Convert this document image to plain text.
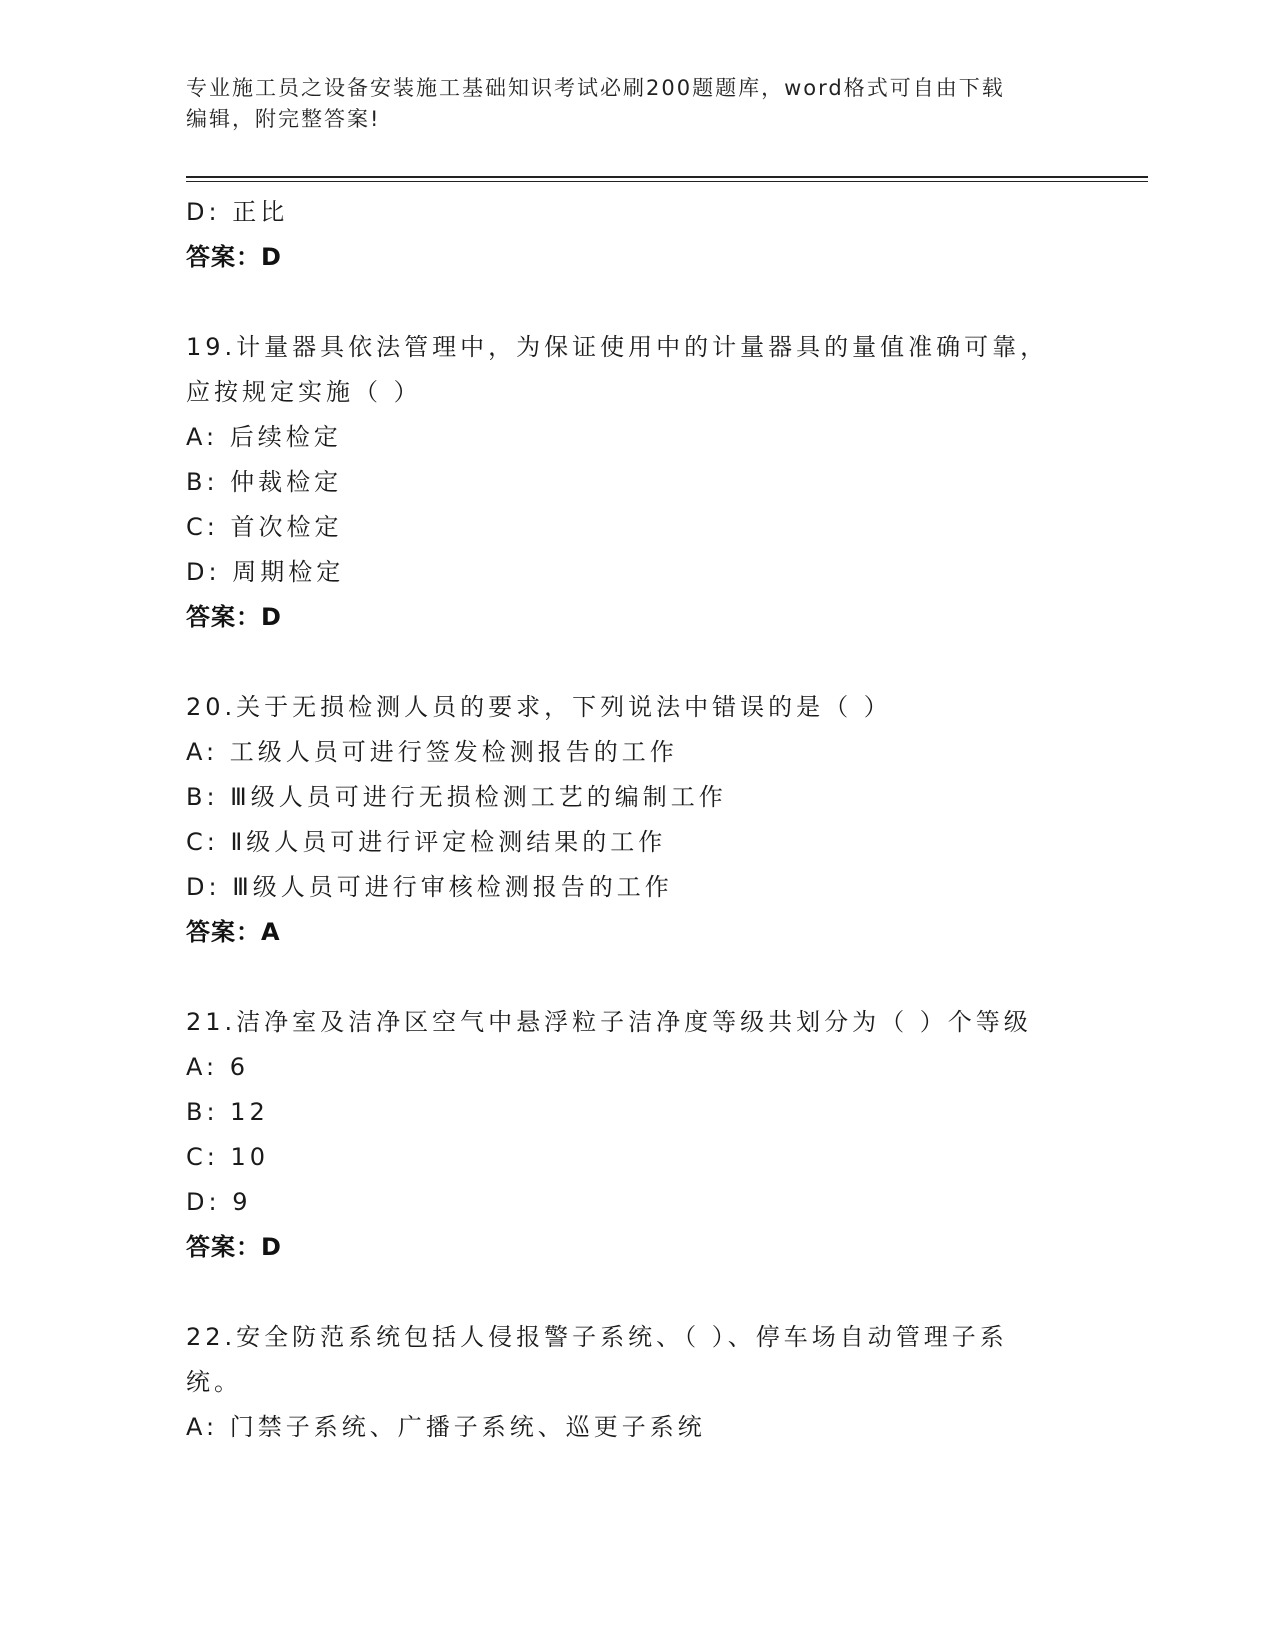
专业施工员之设备安装施工基础知识考试必刷200题题库，word格式可自由下载
编辑，附完整答案!
D: 正比
答案：D
19.计量器具依法管理中，为保证使用中的计量器具的量值准确可靠，
应按规定实施（ ）
A: 后续检定
B: 仲裁检定
C: 首次检定
D: 周期检定
答案：D
20.关于无损检测人员的要求，下列说法中错误的是（ ）
A: 工级人员可进行签发检测报告的工作
B: Ⅲ级人员可进行无损检测工艺的编制工作
C: Ⅱ级人员可进行评定检测结果的工作
D: Ⅲ级人员可进行审核检测报告的工作
答案：A
21.洁净室及洁净区空气中悬浮粒子洁净度等级共划分为（ ）个等级
A: 6
B: 12
C: 10
D: 9
答案：D
22.安全防范系统包括人侵报警子系统、（ ）、停车场自动管理子系
统。
A: 门禁子系统、广播子系统、巡更子系统
